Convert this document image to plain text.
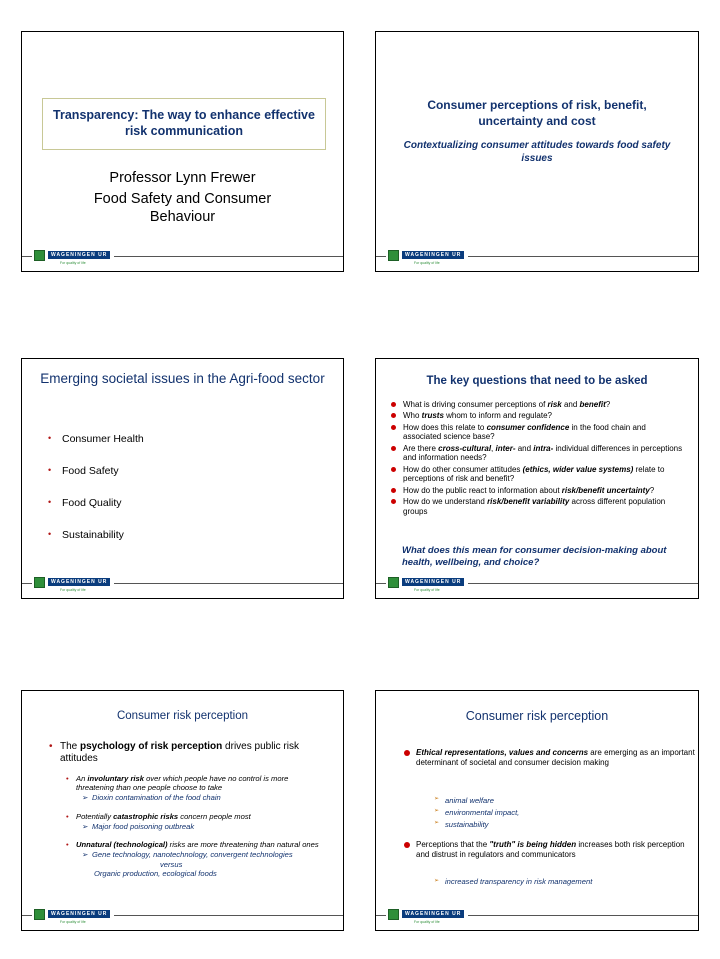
Transparency: The way to enhance effective risk communication
Professor Lynn Frewer
Food Safety and Consumer Behaviour
WAGENINGEN UR
For quality of life
Consumer perceptions of risk, benefit, uncertainty and cost
Contextualizing consumer attitudes towards food safety issues
WAGENINGEN UR
For quality of life
Emerging societal issues in the Agri-food sector
• Consumer Health
• Food Safety
• Food Quality
• Sustainability
WAGENINGEN UR
For quality of life
The key questions that need to be asked
What is driving consumer perceptions of risk and benefit?
Who trusts whom to inform and regulate?
How does this relate to consumer confidence in the food chain and associated science base?
Are there cross-cultural, inter- and intra- individual differences in perceptions and information needs?
How do other consumer attitudes (ethics, wider value systems) relate to perceptions of risk and benefit?
How do the public react to information about risk/benefit uncertainty?
How do we understand risk/benefit variability across different population groups
What does this mean for consumer decision-making about health, wellbeing, and choice?
WAGENINGEN UR
For quality of life
Consumer risk perception
• The psychology of risk perception drives public risk attitudes
• An involuntary risk over which people have no control is more threatening than one people choose to take
➢ Dioxin contamination of the food chain
• Potentially catastrophic risks concern people most
➢ Major food poisoning outbreak
• Unnatural (technological) risks are more threatening than natural ones
➢ Gene technology, nanotechnology, convergent technologies
versus
Organic production, ecological foods
WAGENINGEN UR
For quality of life
Consumer risk perception
Ethical representations, values and concerns are emerging as an important determinant of societal and consumer decision making
➢ animal welfare
➢ environmental impact,
➢ sustainability
Perceptions that the "truth" is being hidden increases both risk perception and distrust in regulators and communicators
➢ increased transparency in risk management
WAGENINGEN UR
For quality of life
